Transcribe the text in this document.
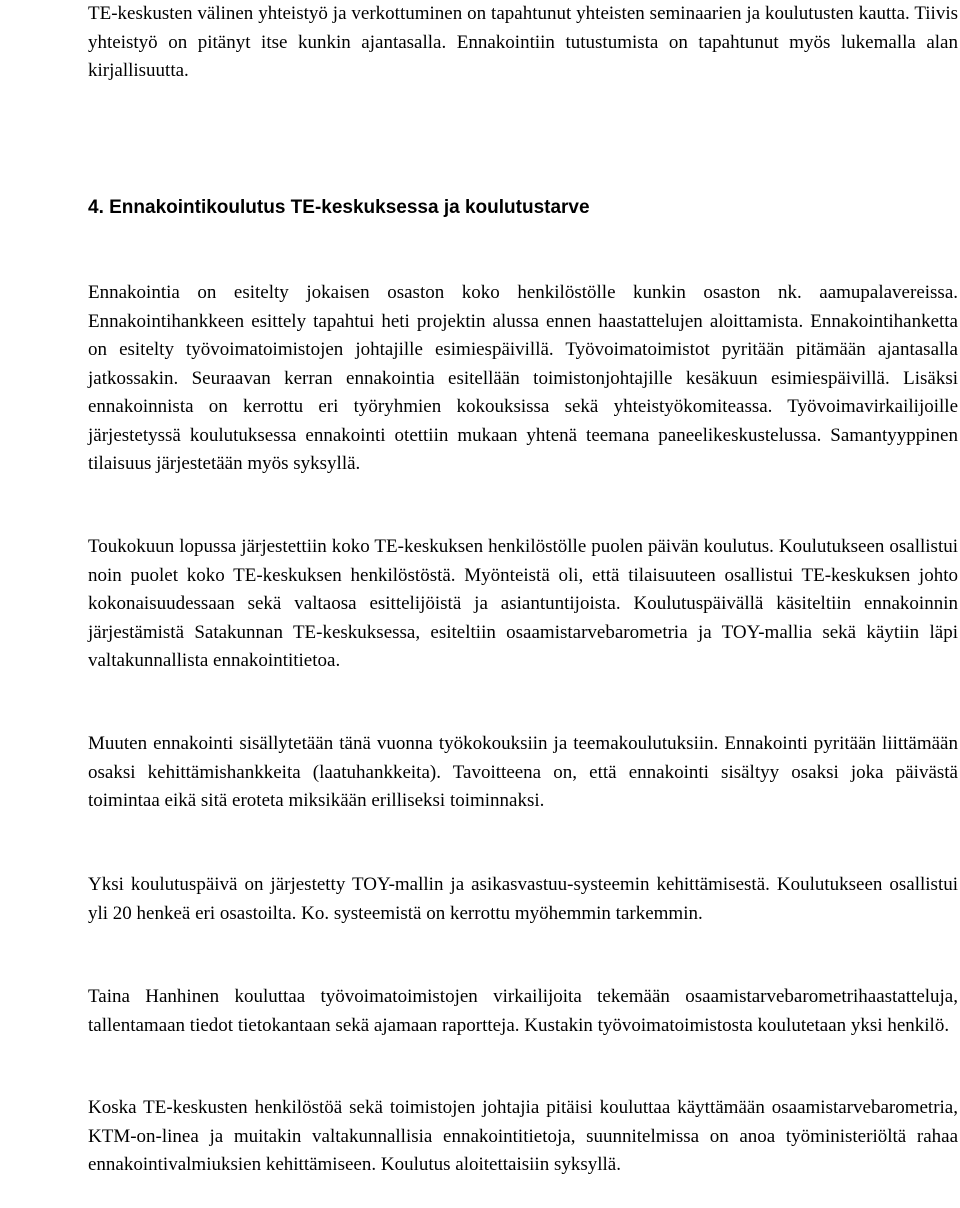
TE-keskusten välinen yhteistyö ja verkottuminen on tapahtunut yhteisten seminaarien ja koulutusten kautta. Tiivis yhteistyö on pitänyt itse kunkin ajantasalla. Ennakointiin tutustumista on tapahtunut myös lukemalla alan kirjallisuutta.

4. Ennakointikoulutus TE-keskuksessa ja koulutustarve

Ennakointia on esitelty jokaisen osaston koko henkilöstölle kunkin osaston nk. aamupalavereissa. Ennakointihankkeen esittely tapahtui heti projektin alussa ennen haastattelujen aloittamista. Ennakointihanketta on esitelty työvoimatoimistojen johtajille esimiespäivillä. Työvoimatoimistot pyritään pitämään ajantasalla jatkossakin. Seuraavan kerran ennakointia esitellään toimistonjohtajille kesäkuun esimiespäivillä. Lisäksi ennakoinnista on kerrottu eri työryhmien kokouksissa sekä yhteistyökomiteassa. Työvoimavirkailijoille järjestetyssä koulutuksessa ennakointi otettiin mukaan yhtenä teemana paneelikeskustelussa. Samantyyppinen tilaisuus järjestetään myös syksyllä.

Toukokuun lopussa järjestettiin koko TE-keskuksen henkilöstölle puolen päivän koulutus. Koulutukseen osallistui noin puolet koko TE-keskuksen henkilöstöstä. Myönteistä oli, että tilaisuuteen osallistui TE-keskuksen johto kokonaisuudessaan sekä valtaosa esittelijöistä ja asiantuntijoista. Koulutuspäivällä käsiteltiin ennakoinnin järjestämistä Satakunnan TE-keskuksessa, esiteltiin osaamistarvebarometria ja TOY-mallia sekä käytiin läpi valtakunnallista ennakointitietoa.

Muuten ennakointi sisällytetään tänä vuonna työkokouksiin ja teemakoulutuksiin. Ennakointi pyritään liittämään osaksi kehittämishankkeita (laatuhankkeita). Tavoitteena on, että ennakointi sisältyy osaksi joka päivästä toimintaa eikä sitä eroteta miksikään erilliseksi toiminnaksi.

Yksi koulutuspäivä on järjestetty TOY-mallin ja asikasvastuu-systeemin kehittämisestä. Koulutukseen osallistui yli 20 henkeä eri osastoilta. Ko. systeemistä on kerrottu myöhemmin tarkemmin.

Taina Hanhinen kouluttaa työvoimatoimistojen virkailijoita tekemään osaamistarvebarometrihaastatteluja, tallentamaan tiedot tietokantaan sekä ajamaan raportteja. Kustakin työvoimatoimistosta koulutetaan yksi henkilö.

Koska TE-keskusten henkilöstöä sekä toimistojen johtajia pitäisi kouluttaa käyttämään osaamistarvebarometria, KTM-on-linea ja muitakin valtakunnallisia ennakointitietoja, suunnitelmissa on anoa työministeriöltä rahaa ennakointivalmiuksien kehittämiseen. Koulutus aloitettaisiin syksyllä.
